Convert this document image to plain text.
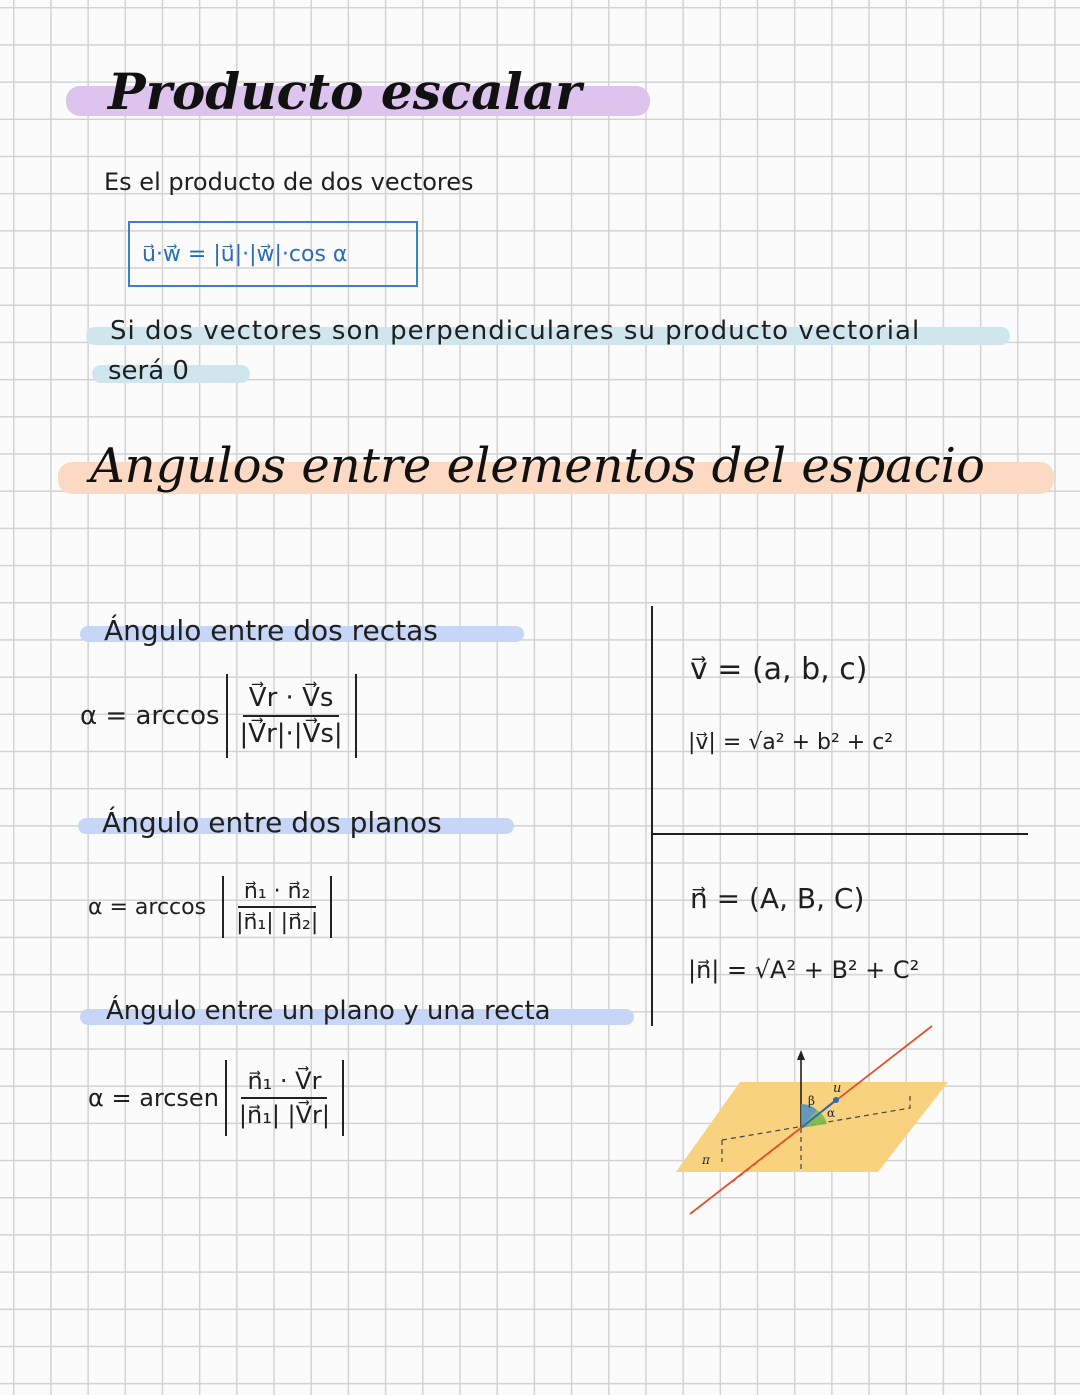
Producto escalar
Es el producto de dos vectores
u⃗·w⃗ = |u⃗|·|w⃗|·cos α
Si dos vectores son perpendiculares su producto vectorial
será 0
Angulos entre elementos del espacio
Ángulo entre dos rectas
$\alpha = \arccos \frac{V⃗r \cdot V⃗s}{|V⃗r|\cdot|V⃗s|}$
Ángulo entre dos planos
$\alpha = \arccos \frac{\text{n⃗₁ · n⃗₂}}{\text{|n⃗₁| |n⃗₂|}}$
Ángulo entre un plano y una recta
α = arcsen $\frac{\text{n⃗₁ · V⃗r}}{\text{|n⃗₁| |V⃗r|}}$
v⃗ = (a, b, c)
|v⃗| = √a² + b² + c²
n⃗ = (A, B, C)
|n⃗| = √A² + B² + C²
u
β
α
π
